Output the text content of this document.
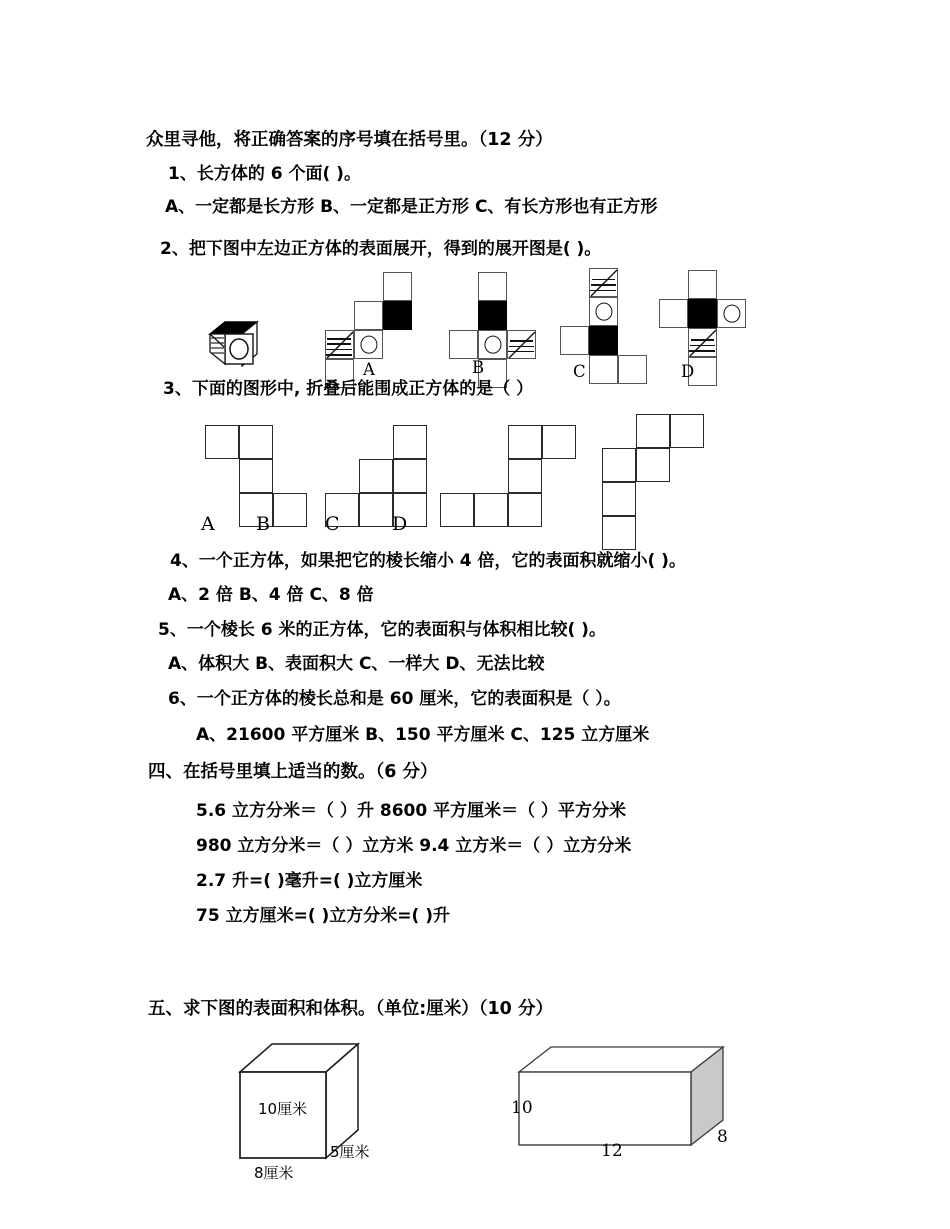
众里寻他，将正确答案的序号填在括号里。（12 分）
1、长方体的 6 个面( )。
A、一定都是长方形 B、一定都是正方形 C、有长方形也有正方形
2、把下图中左边正方体的表面展开，得到的展开图是( )。
A	B	C	D
3、下面的图形中, 折叠后能围成正方体的是（ ）
A B	C	D
4、一个正方体，如果把它的棱长缩小 4 倍，它的表面积就缩小( )。
A、2 倍 B、4 倍 C、8 倍
5、一个棱长 6 米的正方体，它的表面积与体积相比较( )。
A、体积大 B、表面积大 C、一样大 D、无法比较
6、一个正方体的棱长总和是 60 厘米，它的表面积是（ ）。
A、21600 平方厘米 B、150 平方厘米 C、125 立方厘米
四、在括号里填上适当的数。（6 分）
5.6 立方分米＝（ ）升 8600 平方厘米＝（ ）平方分米
980 立方分米＝（ ）立方米 9.4 立方米＝（ ）立方分米
2.7 升=( )毫升=( )立方厘米
75 立方厘米=( )立方分米=( )升
五、求下图的表面积和体积。（单位:厘米）（10 分）
10厘米
8厘米
5厘米
10
12
8
